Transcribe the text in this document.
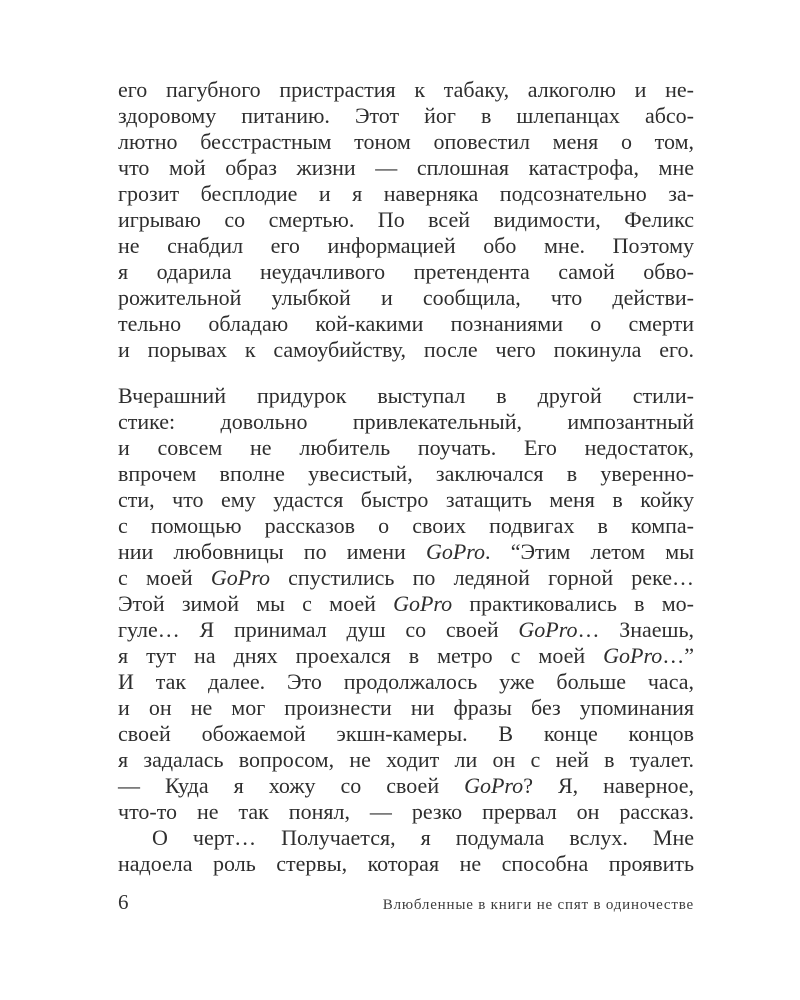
его пагубного пристрастия к табаку, алкоголю и не-
здоровому питанию. Этот йог в шлепанцах абсо-
лютно бесстрастным тоном оповестил меня о том,
что мой образ жизни — сплошная катастрофа, мне
грозит бесплодие и я наверняка подсознательно за-
игрываю со смертью. По всей видимости, Феликс
не снабдил его информацией обо мне. Поэтому
я одарила неудачливого претендента самой обво-
рожительной улыбкой и сообщила, что действи-
тельно обладаю кой-какими познаниями о смерти
и порывах к самоубийству, после чего покинула его.
Вчерашний придурок выступал в другой стили-
стике: довольно привлекательный, импозантный
и совсем не любитель поучать. Его недостаток,
впрочем вполне увесистый, заключался в уверенно-
сти, что ему удастся быстро затащить меня в койку
с помощью рассказов о своих подвигах в компа-
нии любовницы по имени GoPro. “Этим летом мы
с моей GoPro спустились по ледяной горной реке…
Этой зимой мы с моей GoPro практиковались в мо-
гуле… Я принимал душ со своей GoPro… Знаешь,
я тут на днях проехался в метро с моей GoPro…”
И так далее. Это продолжалось уже больше часа,
и он не мог произнести ни фразы без упоминания
своей обожаемой экшн-камеры. В конце концов
я задалась вопросом, не ходит ли он с ней в туалет.
— Куда я хожу со своей GoPro? Я, наверное,
что-то не так понял, — резко прервал он рассказ.
О черт… Получается, я подумала вслух. Мне
надоела роль стервы, которая не способна проявить
6	Влюбленные в книги не спят в одиночестве
